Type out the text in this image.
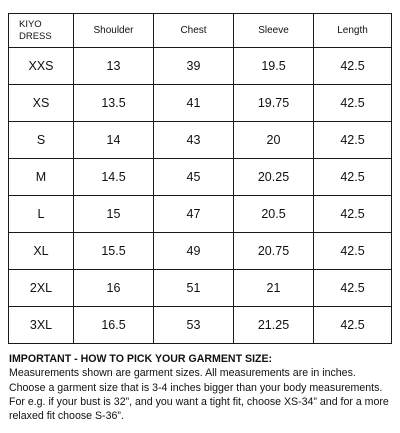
KIYO
DRESS	Shoulder	Chest	Sleeve	Length
XXS	13	39	19.5	42.5
XS	13.5	41	19.75	42.5
S	14	43	20	42.5
M	14.5	45	20.25	42.5
L	15	47	20.5	42.5
XL	15.5	49	20.75	42.5
2XL	16	51	21	42.5
3XL	16.5	53	21.25	42.5

IMPORTANT - HOW TO PICK YOUR GARMENT SIZE:

Measurements shown are garment sizes. All measurements are in inches.

Choose a garment size that is 3-4 inches bigger than your body measurements.

For e.g. if your bust is 32”, and you want a tight fit, choose XS-34” and for a more relaxed fit choose S-36”.
